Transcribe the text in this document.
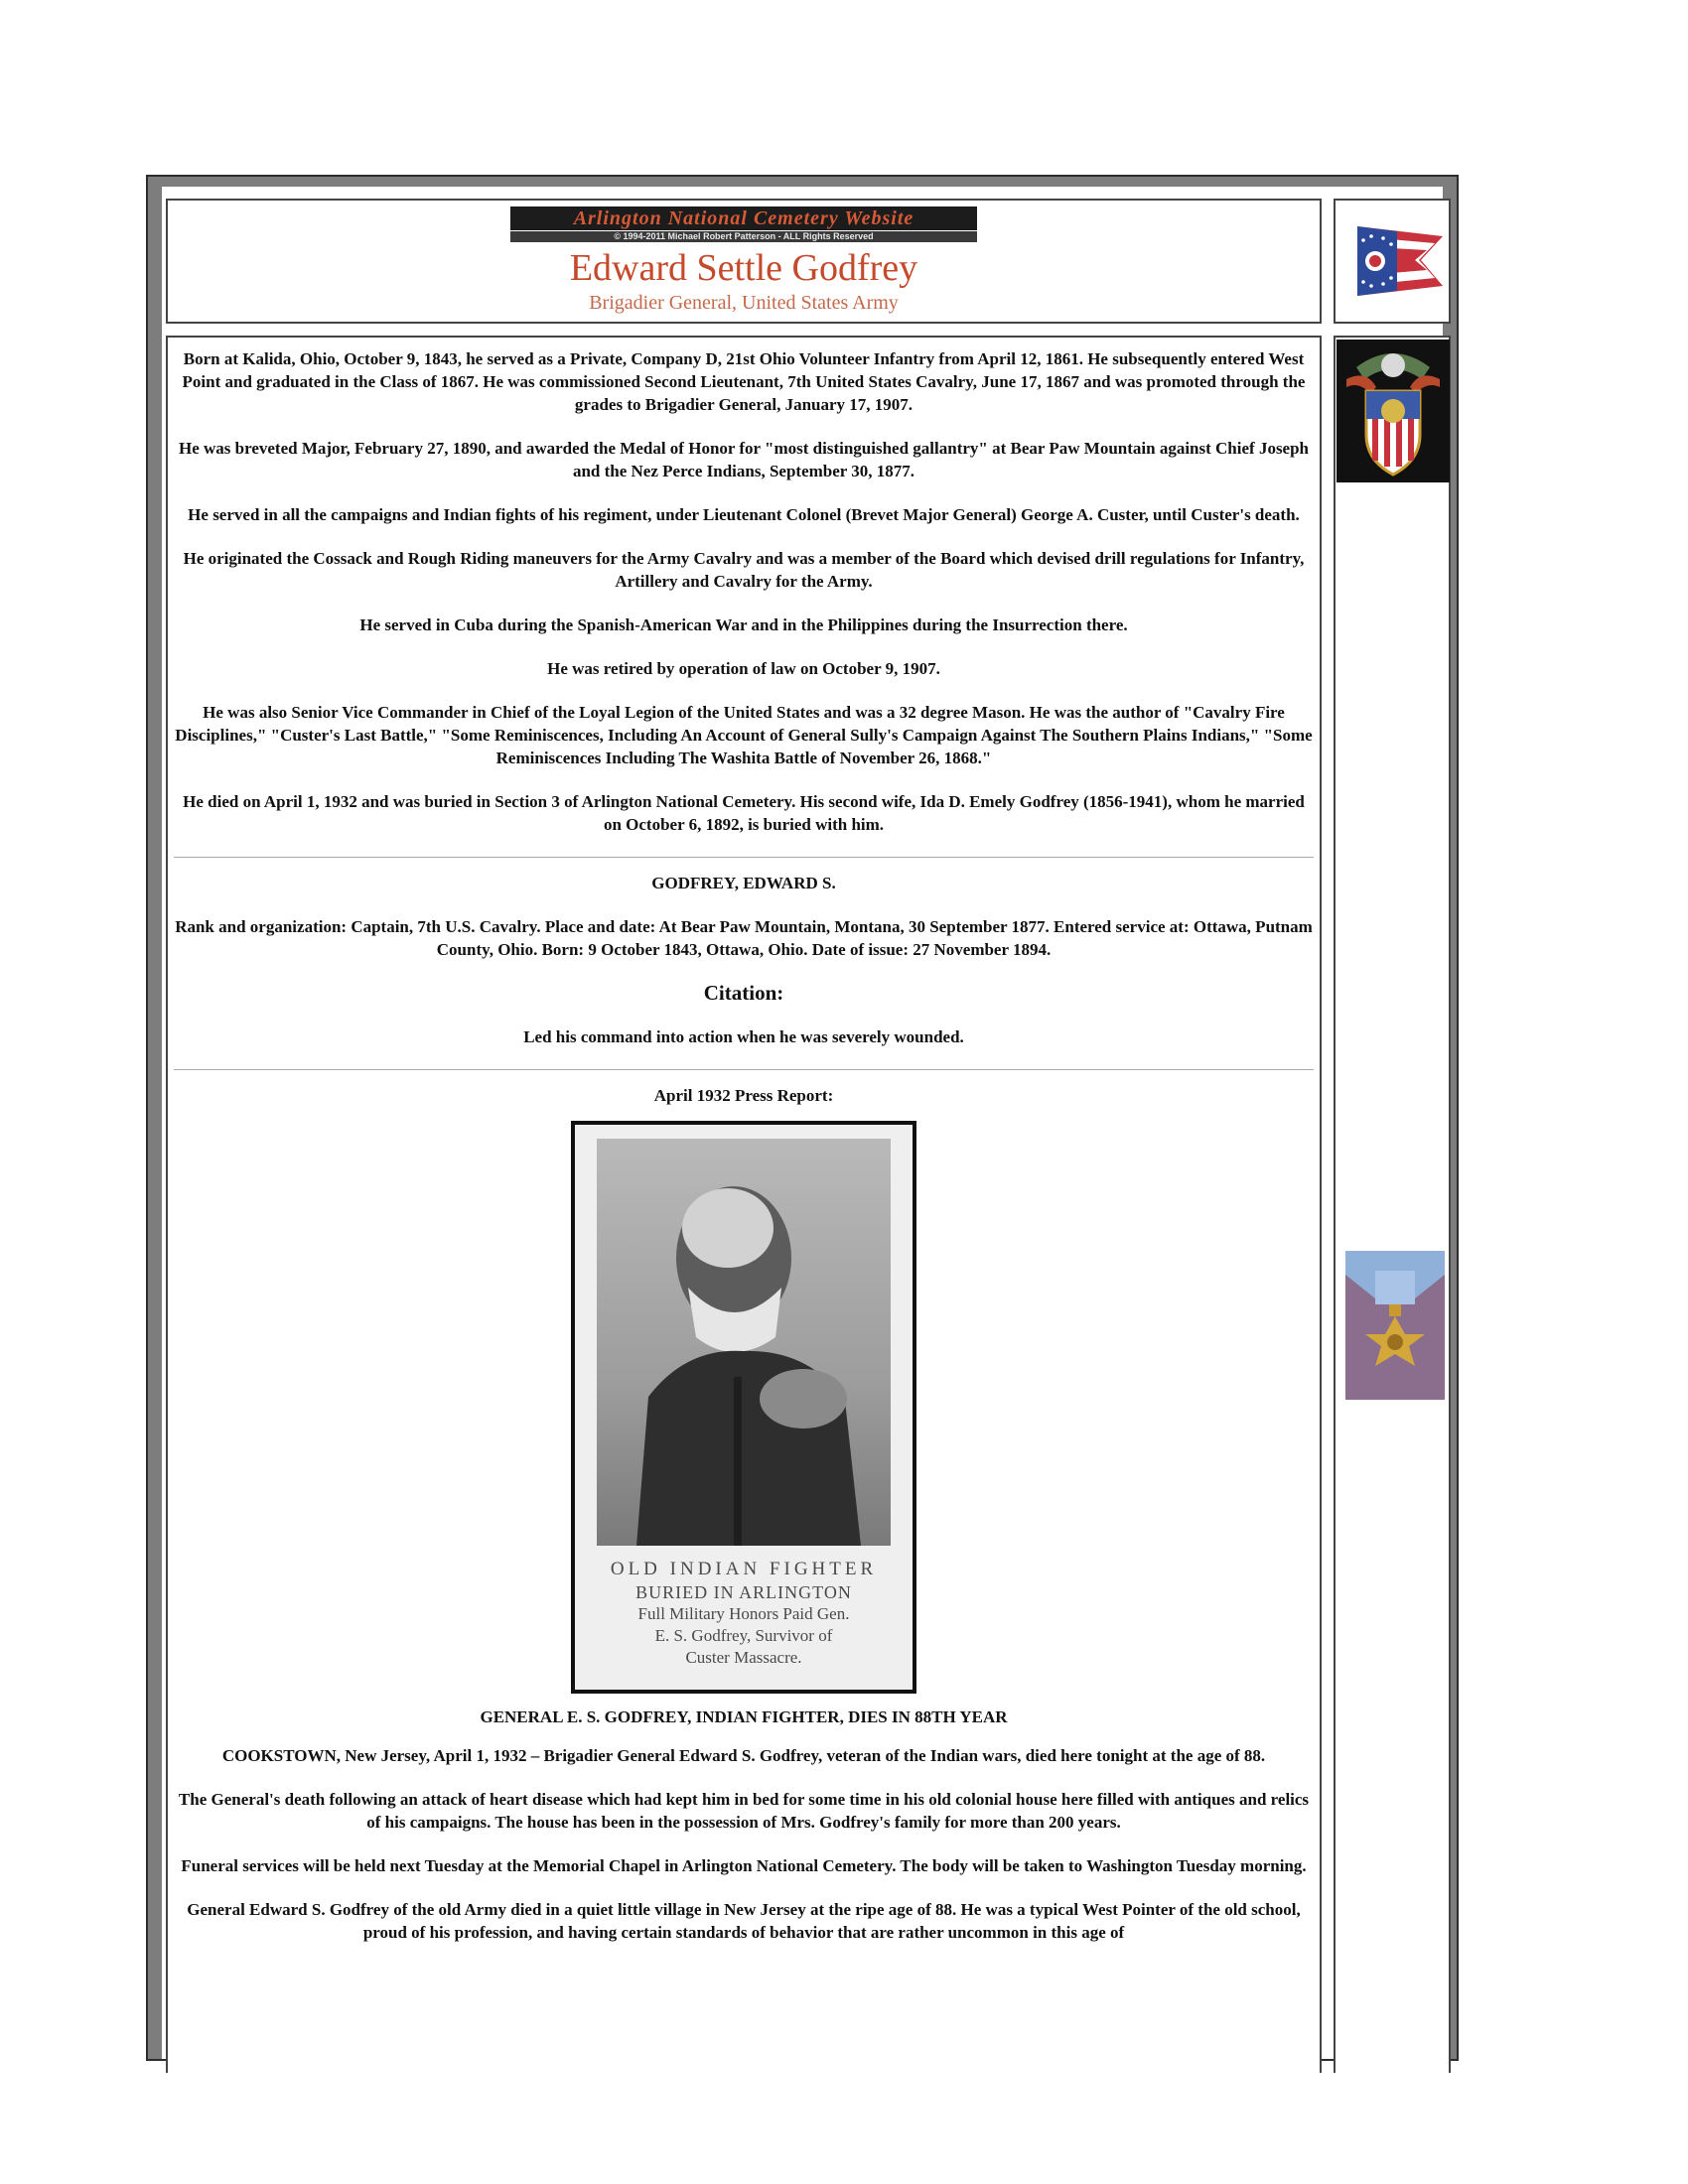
Arlington National Cemetery Website
© 1994-2011 Michael Robert Patterson - ALL Rights Reserved
Edward Settle Godfrey
Brigadier General, United States Army

Born at Kalida, Ohio, October 9, 1843, he served as a Private, Company D, 21st Ohio Volunteer Infantry from April 12, 1861. He subsequently entered West Point and graduated in the Class of 1867. He was commissioned Second Lieutenant, 7th United States Cavalry, June 17, 1867 and was promoted through the grades to Brigadier General, January 17, 1907.

He was breveted Major, February 27, 1890, and awarded the Medal of Honor for "most distinguished gallantry" at Bear Paw Mountain against Chief Joseph and the Nez Perce Indians, September 30, 1877.

He served in all the campaigns and Indian fights of his regiment, under Lieutenant Colonel (Brevet Major General) George A. Custer, until Custer's death.

He originated the Cossack and Rough Riding maneuvers for the Army Cavalry and was a member of the Board which devised drill regulations for Infantry, Artillery and Cavalry for the Army.

He served in Cuba during the Spanish-American War and in the Philippines during the Insurrection there.

He was retired by operation of law on October 9, 1907.

He was also Senior Vice Commander in Chief of the Loyal Legion of the United States and was a 32 degree Mason. He was the author of "Cavalry Fire Disciplines," "Custer's Last Battle," "Some Reminiscences, Including An Account of General Sully's Campaign Against The Southern Plains Indians," "Some Reminiscences Including The Washita Battle of November 26, 1868."

He died on April 1, 1932 and was buried in Section 3 of Arlington National Cemetery. His second wife, Ida D. Emely Godfrey (1856-1941), whom he married on October 6, 1892, is buried with him.

GODFREY, EDWARD S.

Rank and organization: Captain, 7th U.S. Cavalry. Place and date: At Bear Paw Mountain, Montana, 30 September 1877. Entered service at: Ottawa, Putnam County, Ohio. Born: 9 October 1843, Ottawa, Ohio. Date of issue: 27 November 1894.

Citation:

Led his command into action when he was severely wounded.

April 1932 Press Report:

OLD INDIAN FIGHTER
BURIED IN ARLINGTON
Full Military Honors Paid Gen.
E. S. Godfrey, Survivor of
Custer Massacre.

GENERAL E. S. GODFREY, INDIAN FIGHTER, DIES IN 88TH YEAR

COOKSTOWN, New Jersey, April 1, 1932 – Brigadier General Edward S. Godfrey, veteran of the Indian wars, died here tonight at the age of 88.

The General's death following an attack of heart disease which had kept him in bed for some time in his old colonial house here filled with antiques and relics of his campaigns. The house has been in the possession of Mrs. Godfrey's family for more than 200 years.

Funeral services will be held next Tuesday at the Memorial Chapel in Arlington National Cemetery. The body will be taken to Washington Tuesday morning.

General Edward S. Godfrey of the old Army died in a quiet little village in New Jersey at the ripe age of 88. He was a typical West Pointer of the old school, proud of his profession, and having certain standards of behavior that are rather uncommon in this age of
